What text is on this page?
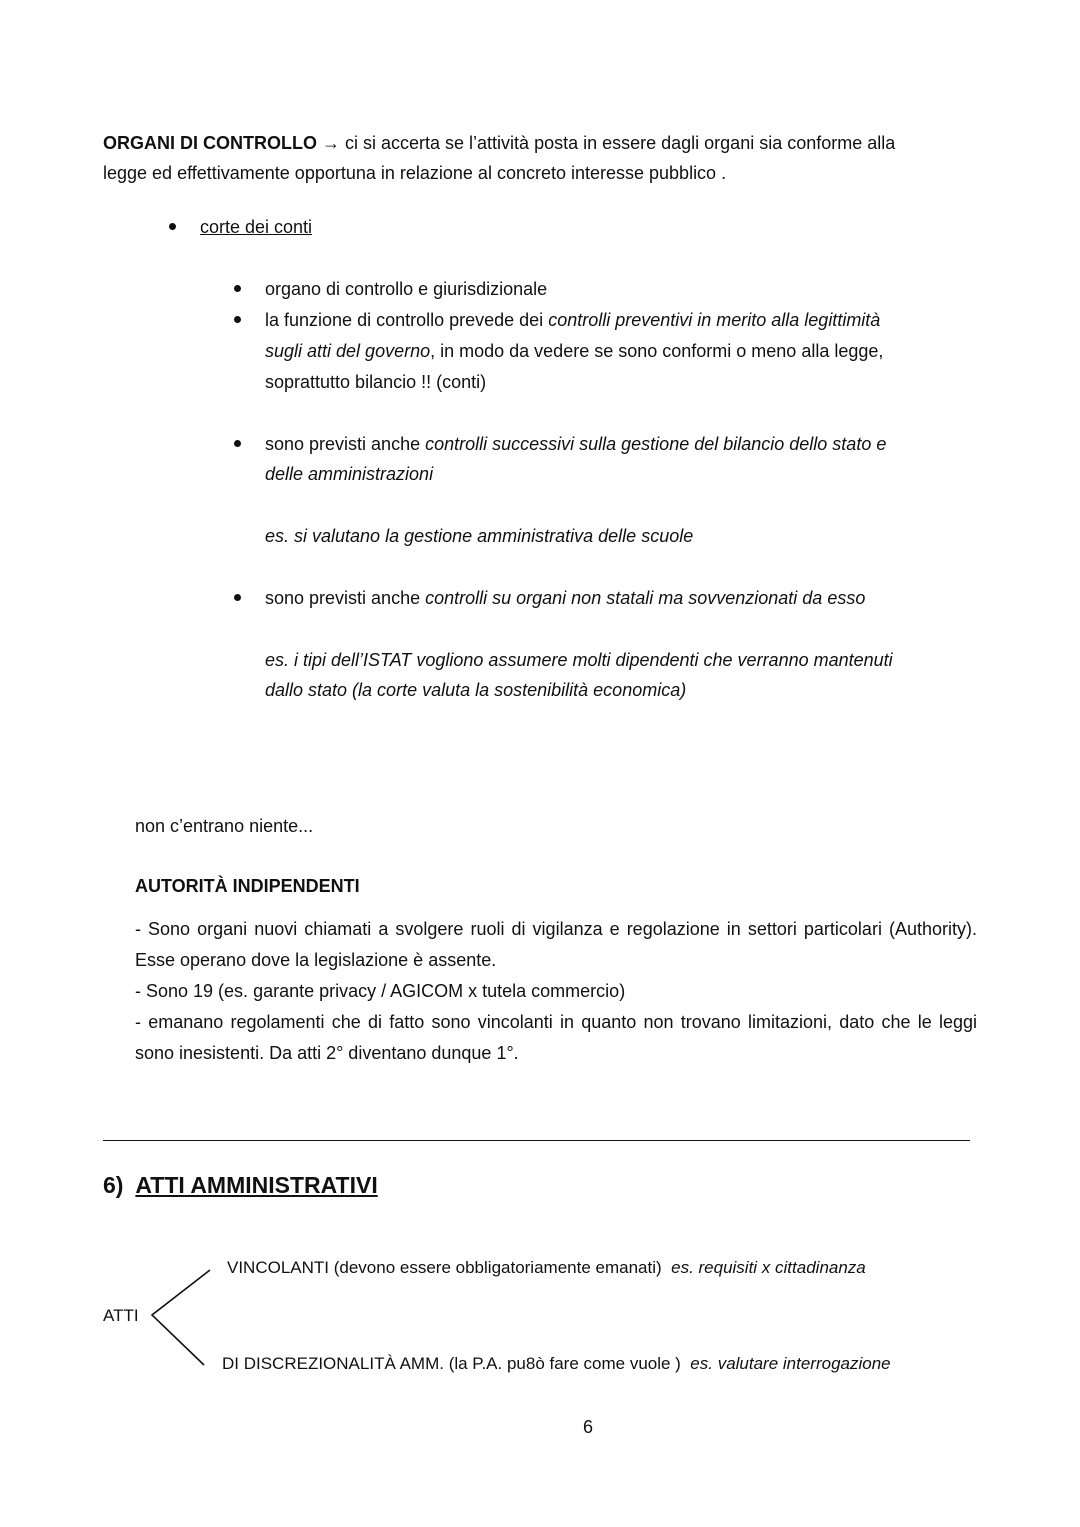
ORGANI DI CONTROLLO → ci si accerta se l’attività posta in essere dagli organi sia conforme alla
legge ed effettivamente opportuna in relazione al concreto interesse pubblico .
corte dei conti
organo di controllo e giurisdizionale
la funzione di controllo prevede dei controlli preventivi in merito alla legittimità
sugli atti del governo, in modo da vedere se sono conformi o meno alla legge,
soprattutto bilancio !! (conti)
sono previsti anche controlli successivi sulla gestione del bilancio dello stato e
delle amministrazioni
es. si valutano la gestione amministrativa delle scuole
sono previsti anche controlli su organi non statali ma sovvenzionati da esso
es. i tipi dell’ISTAT vogliono assumere molti dipendenti che verranno mantenuti
dallo stato (la corte valuta la sostenibilità economica)
non c’entrano niente...
AUTORITÀ INDIPENDENTI
- Sono organi nuovi chiamati a svolgere ruoli di vigilanza e regolazione in settori particolari (Authority). Esse operano dove la legislazione è assente.
- Sono 19 (es. garante privacy / AGICOM x tutela commercio)
- emanano regolamenti che di fatto sono vincolanti in quanto non trovano limitazioni, dato che le leggi sono inesistenti. Da atti 2° diventano dunque 1°.
6) ATTI AMMINISTRATIVI
ATTI
VINCOLANTI (devono essere obbligatoriamente emanati) es. requisiti x cittadinanza
DI DISCREZIONALITÀ AMM. (la P.A. pu8ò fare come vuole ) es. valutare interrogazione
6
